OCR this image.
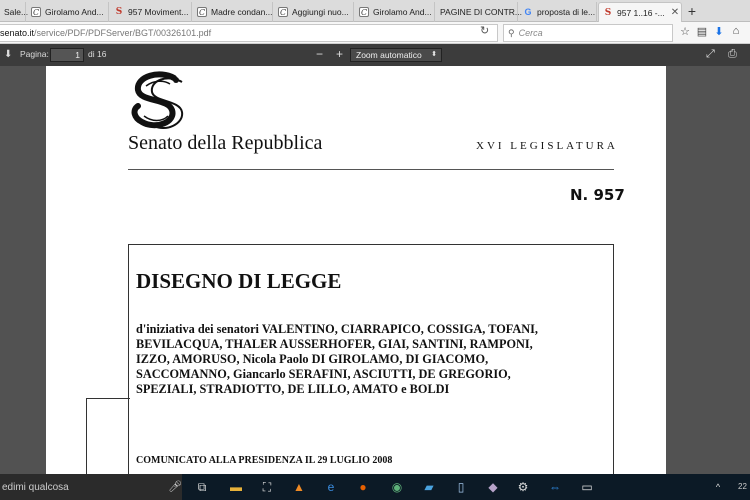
Sale... C Girolamo And... S 957 Moviment... C Madre condan... C Aggiungi nuo... C Girolamo And... PAGINE DI CONTR... G proposta di le... S 957 1..16 -... ✕ +
senato.it /service/PDF/PDFServer/BGT/00326101.pdf	↻ ⚲ Cerca	☆ ▤ ⬇ ⌂
⬇ Pagina:	1 di 16	− +	Zoom automatico ⬍	⤢ ⎙
Senato della Repubblica	XVI LEGISLATURA
N. 957
DISEGNO DI LEGGE
d'iniziativa dei senatori VALENTINO, CIARRAPICO, COSSIGA, TOFANI,
BEVILACQUA, THALER AUSSERHOFER, GIAI, SANTINI, RAMPONI,
IZZO, AMORUSO, Nicola Paolo DI GIROLAMO, DI GIACOMO,
SACCOMANNO, Giancarlo SERAFINI, ASCIUTTI, DE GREGORIO,
SPEZIALI, STRADIOTTO, DE LILLO, AMATO e BOLDI
COMUNICATO ALLA PRESIDENZA IL 29 LUGLIO 2008
edimi qualcosa	🎤︎	⧉	▬	⛶	▲	e	●	◉ ▰	▯	◆ ⚙ ⇔ ▭	^	22
